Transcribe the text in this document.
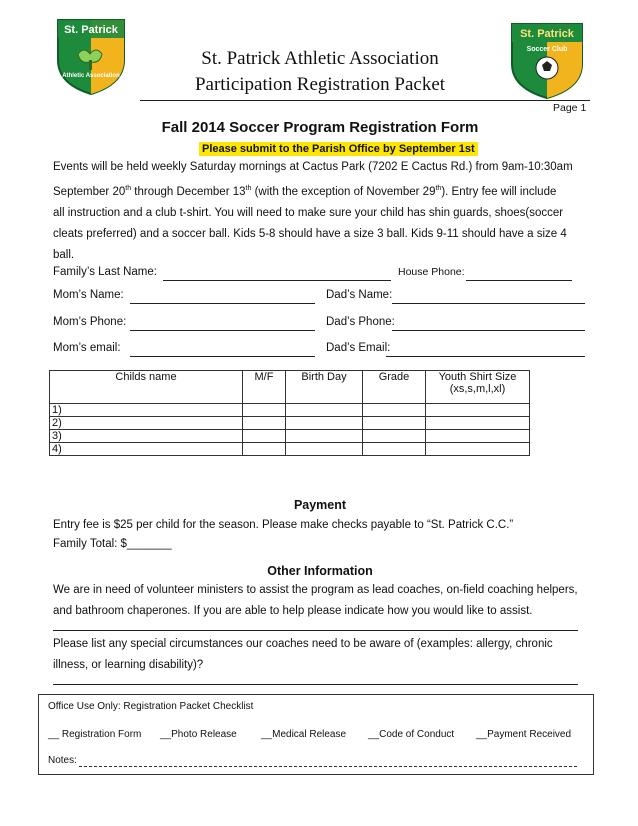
St. Patrick
Athletic Association
St. Patrick
Soccer Club
St. Patrick Athletic Association
Participation Registration Packet
Page 1
Fall 2014 Soccer Program Registration Form
Please submit to the Parish Office by September 1st
Events will be held weekly Saturday mornings at Cactus Park (7202 E Cactus Rd.) from 9am-10:30am
September 20th through December 13th (with the exception of November 29th). Entry fee will include
all instruction and a club t-shirt. You will need to make sure your child has shin guards, shoes(soccer
cleats preferred) and a soccer ball. Kids 5-8 should have a size 3 ball. Kids 9-11 should have a size 4
ball.
Family’s Last Name:	House Phone:
Mom’s Name:	Dad’s Name:
Mom’s Phone:	Dad’s Phone:
Mom’s email:	Dad’s Email:
Childs name	M/F	Birth Day	Grade	Youth Shirt Size
(xs,s,m,l,xl)
1)				
2)				
3)				
4)				
Payment
Entry fee is $25 per child for the season. Please make checks payable to “St. Patrick C.C.”
Family Total: $_______
Other Information
We are in need of volunteer ministers to assist the program as lead coaches, on-field coaching helpers,
and bathroom chaperones. If you are able to help please indicate how you would like to assist.
Please list any special circumstances our coaches need to be aware of (examples: allergy, chronic
illness, or learning disability)?
Office Use Only: Registration Packet Checklist
__ Registration Form __Photo Release __Medical Release __Code of Conduct __Payment Received
Notes:
